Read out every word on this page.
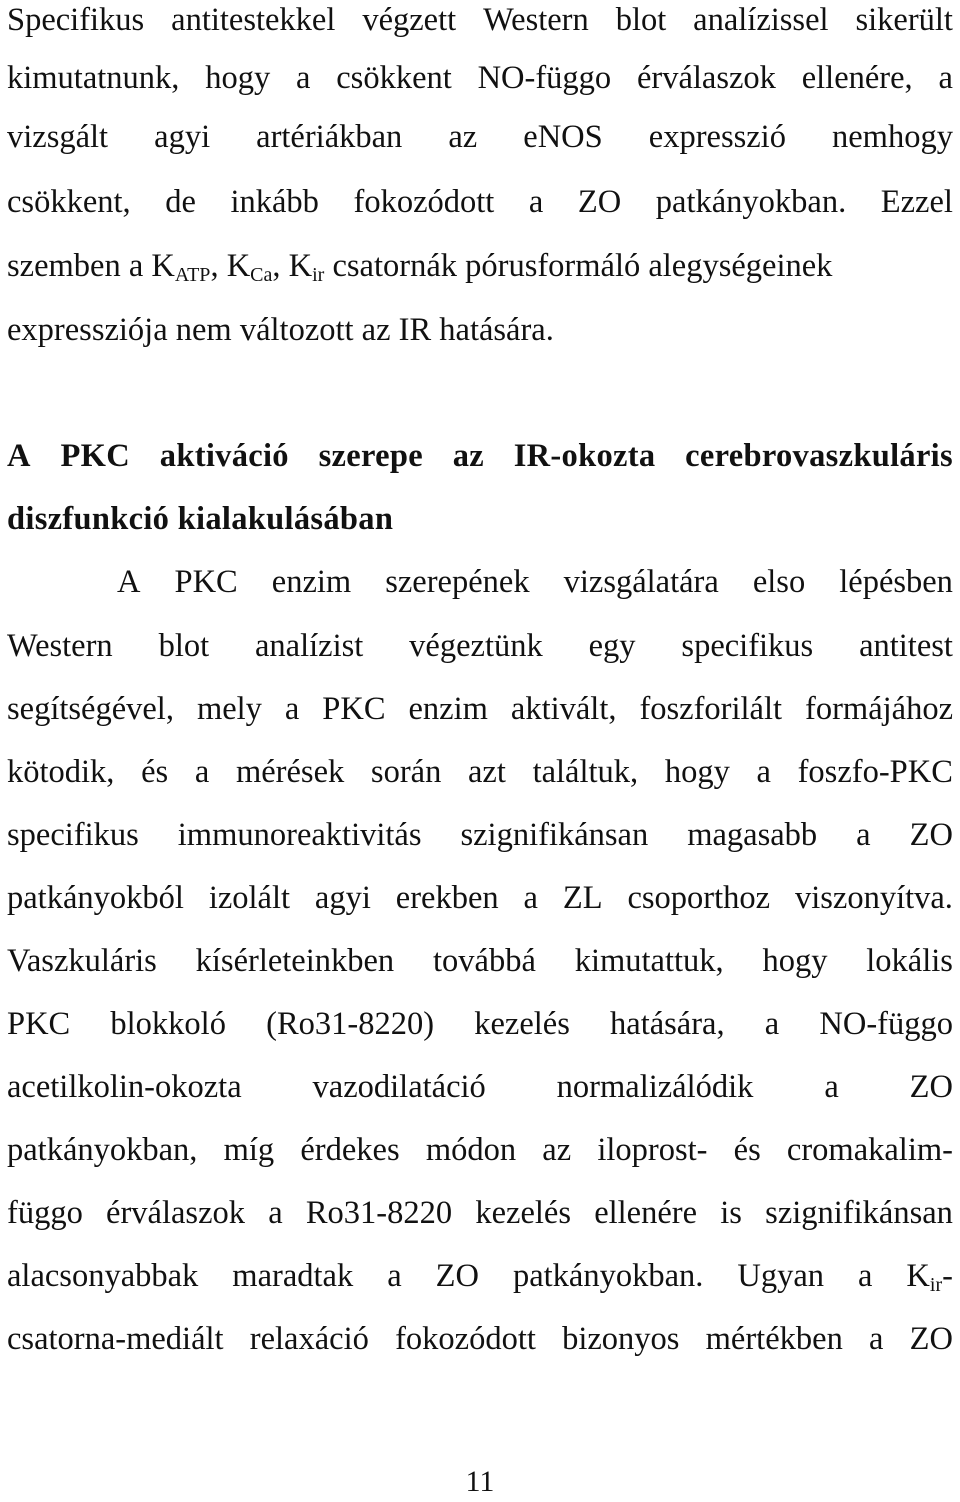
Specifikus antitestekkel végzett Western blot analízissel sikerült
kimutatnunk, hogy a csökkent NO-függo érválaszok ellenére, a
vizsgált agyi artériákban az eNOS expresszió nemhogy
csökkent, de inkább fokozódott a ZO patkányokban. Ezzel
szemben a $K_{ATP}$, $K_{Ca}$, $K_{ir}$ csatornák pórusformáló alegységeinek
expressziója nem változott az IR hatására.
A PKC aktiváció szerepe az IR-okozta cerebrovaszkuláris
diszfunkció kialakulásában
A PKC enzim szerepének vizsgálatára elso lépésben
Western blot analízist végeztünk egy specifikus antitest
segítségével, mely a PKC enzim aktivált, foszforilált formájához
kötodik, és a mérések során azt találtuk, hogy a foszfo-PKC
specifikus immunoreaktivitás szignifikánsan magasabb a ZO
patkányokból izolált agyi erekben a ZL csoporthoz viszonyítva.
Vaszkuláris kísérleteinkben továbbá kimutattuk, hogy lokális
PKC blokkoló (Ro31-8220) kezelés hatására, a NO-függo
acetilkolin-okozta vazodilatáció normalizálódik a ZO
patkányokban, míg érdekes módon az iloprost- és cromakalim-
függo érválaszok a Ro31-8220 kezelés ellenére is szignifikánsan
alacsonyabbak maradtak a ZO patkányokban. Ugyan a $K_{ir}-$
csatorna-mediált relaxáció fokozódott bizonyos mértékben a ZO
11
